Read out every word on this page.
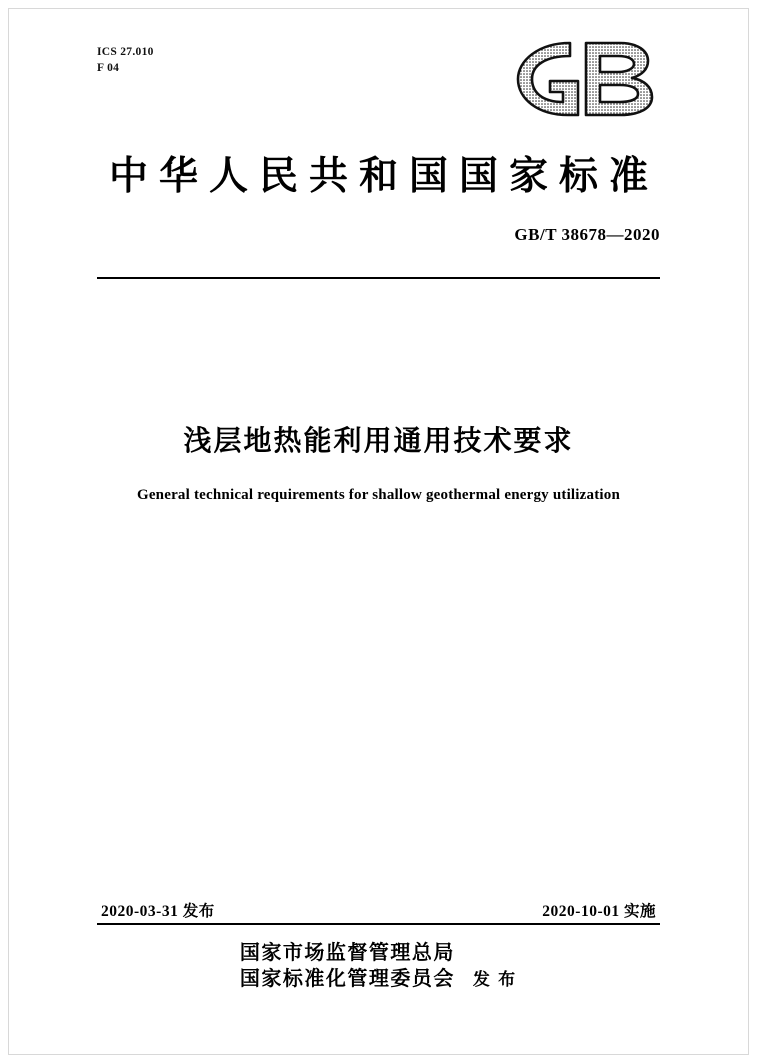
ICS 27.010
F 04
中华人民共和国国家标准
GB/T 38678—2020
浅层地热能利用通用技术要求
General technical requirements for shallow geothermal energy utilization
2020-03-31 发布	2020-10-01 实施
国家市场监督管理总局
国家标准化管理委员会 发 布
